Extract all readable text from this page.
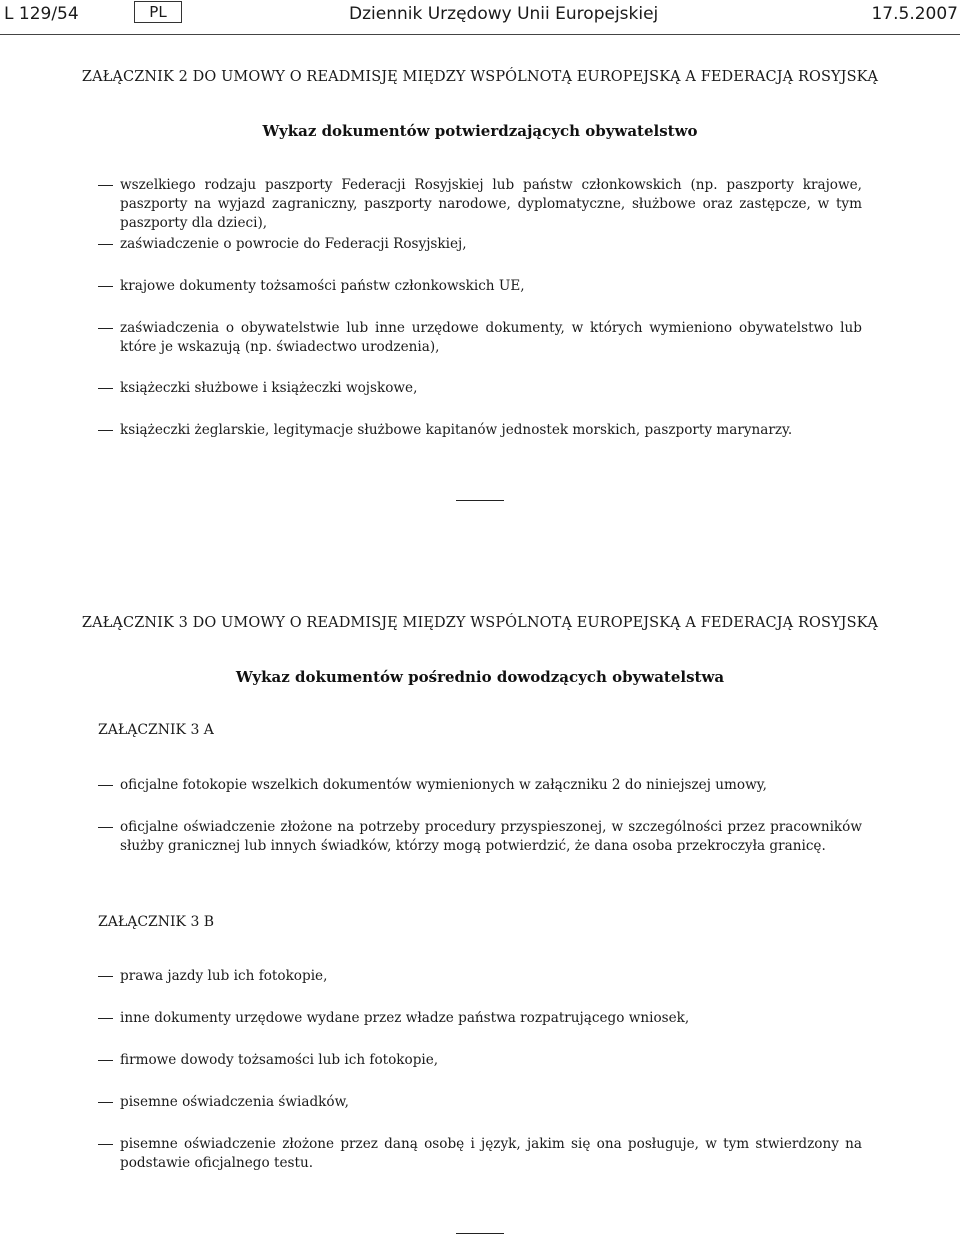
L 129/54	PL	Dziennik Urzędowy Unii Europejskiej	17.5.2007
ZAŁĄCZNIK 2 DO UMOWY O READMISJĘ MIĘDZY WSPÓLNOTĄ EUROPEJSKĄ A FEDERACJĄ ROSYJSKĄ
Wykaz dokumentów potwierdzających obywatelstwo
wszelkiego rodzaju paszporty Federacji Rosyjskiej lub państw członkowskich (np. paszporty krajowe, paszporty na wyjazd zagraniczny, paszporty narodowe, dyplomatyczne, służbowe oraz zastępcze, w tym paszporty dla dzieci),
zaświadczenie o powrocie do Federacji Rosyjskiej,
krajowe dokumenty tożsamości państw członkowskich UE,
zaświadczenia o obywatelstwie lub inne urzędowe dokumenty, w których wymieniono obywatelstwo lub które je wskazują (np. świadectwo urodzenia),
książeczki służbowe i książeczki wojskowe,
książeczki żeglarskie, legitymacje służbowe kapitanów jednostek morskich, paszporty marynarzy.
ZAŁĄCZNIK 3 DO UMOWY O READMISJĘ MIĘDZY WSPÓLNOTĄ EUROPEJSKĄ A FEDERACJĄ ROSYJSKĄ
Wykaz dokumentów pośrednio dowodzących obywatelstwa
ZAŁĄCZNIK 3 A
oficjalne fotokopie wszelkich dokumentów wymienionych w załączniku 2 do niniejszej umowy,
oficjalne oświadczenie złożone na potrzeby procedury przyspieszonej, w szczególności przez pracowników służby granicznej lub innych świadków, którzy mogą potwierdzić, że dana osoba przekroczyła granicę.
ZAŁĄCZNIK 3 B
prawa jazdy lub ich fotokopie,
inne dokumenty urzędowe wydane przez władze państwa rozpatrującego wniosek,
firmowe dowody tożsamości lub ich fotokopie,
pisemne oświadczenia świadków,
pisemne oświadczenie złożone przez daną osobę i język, jakim się ona posługuje, w tym stwierdzony na podstawie oficjalnego testu.
